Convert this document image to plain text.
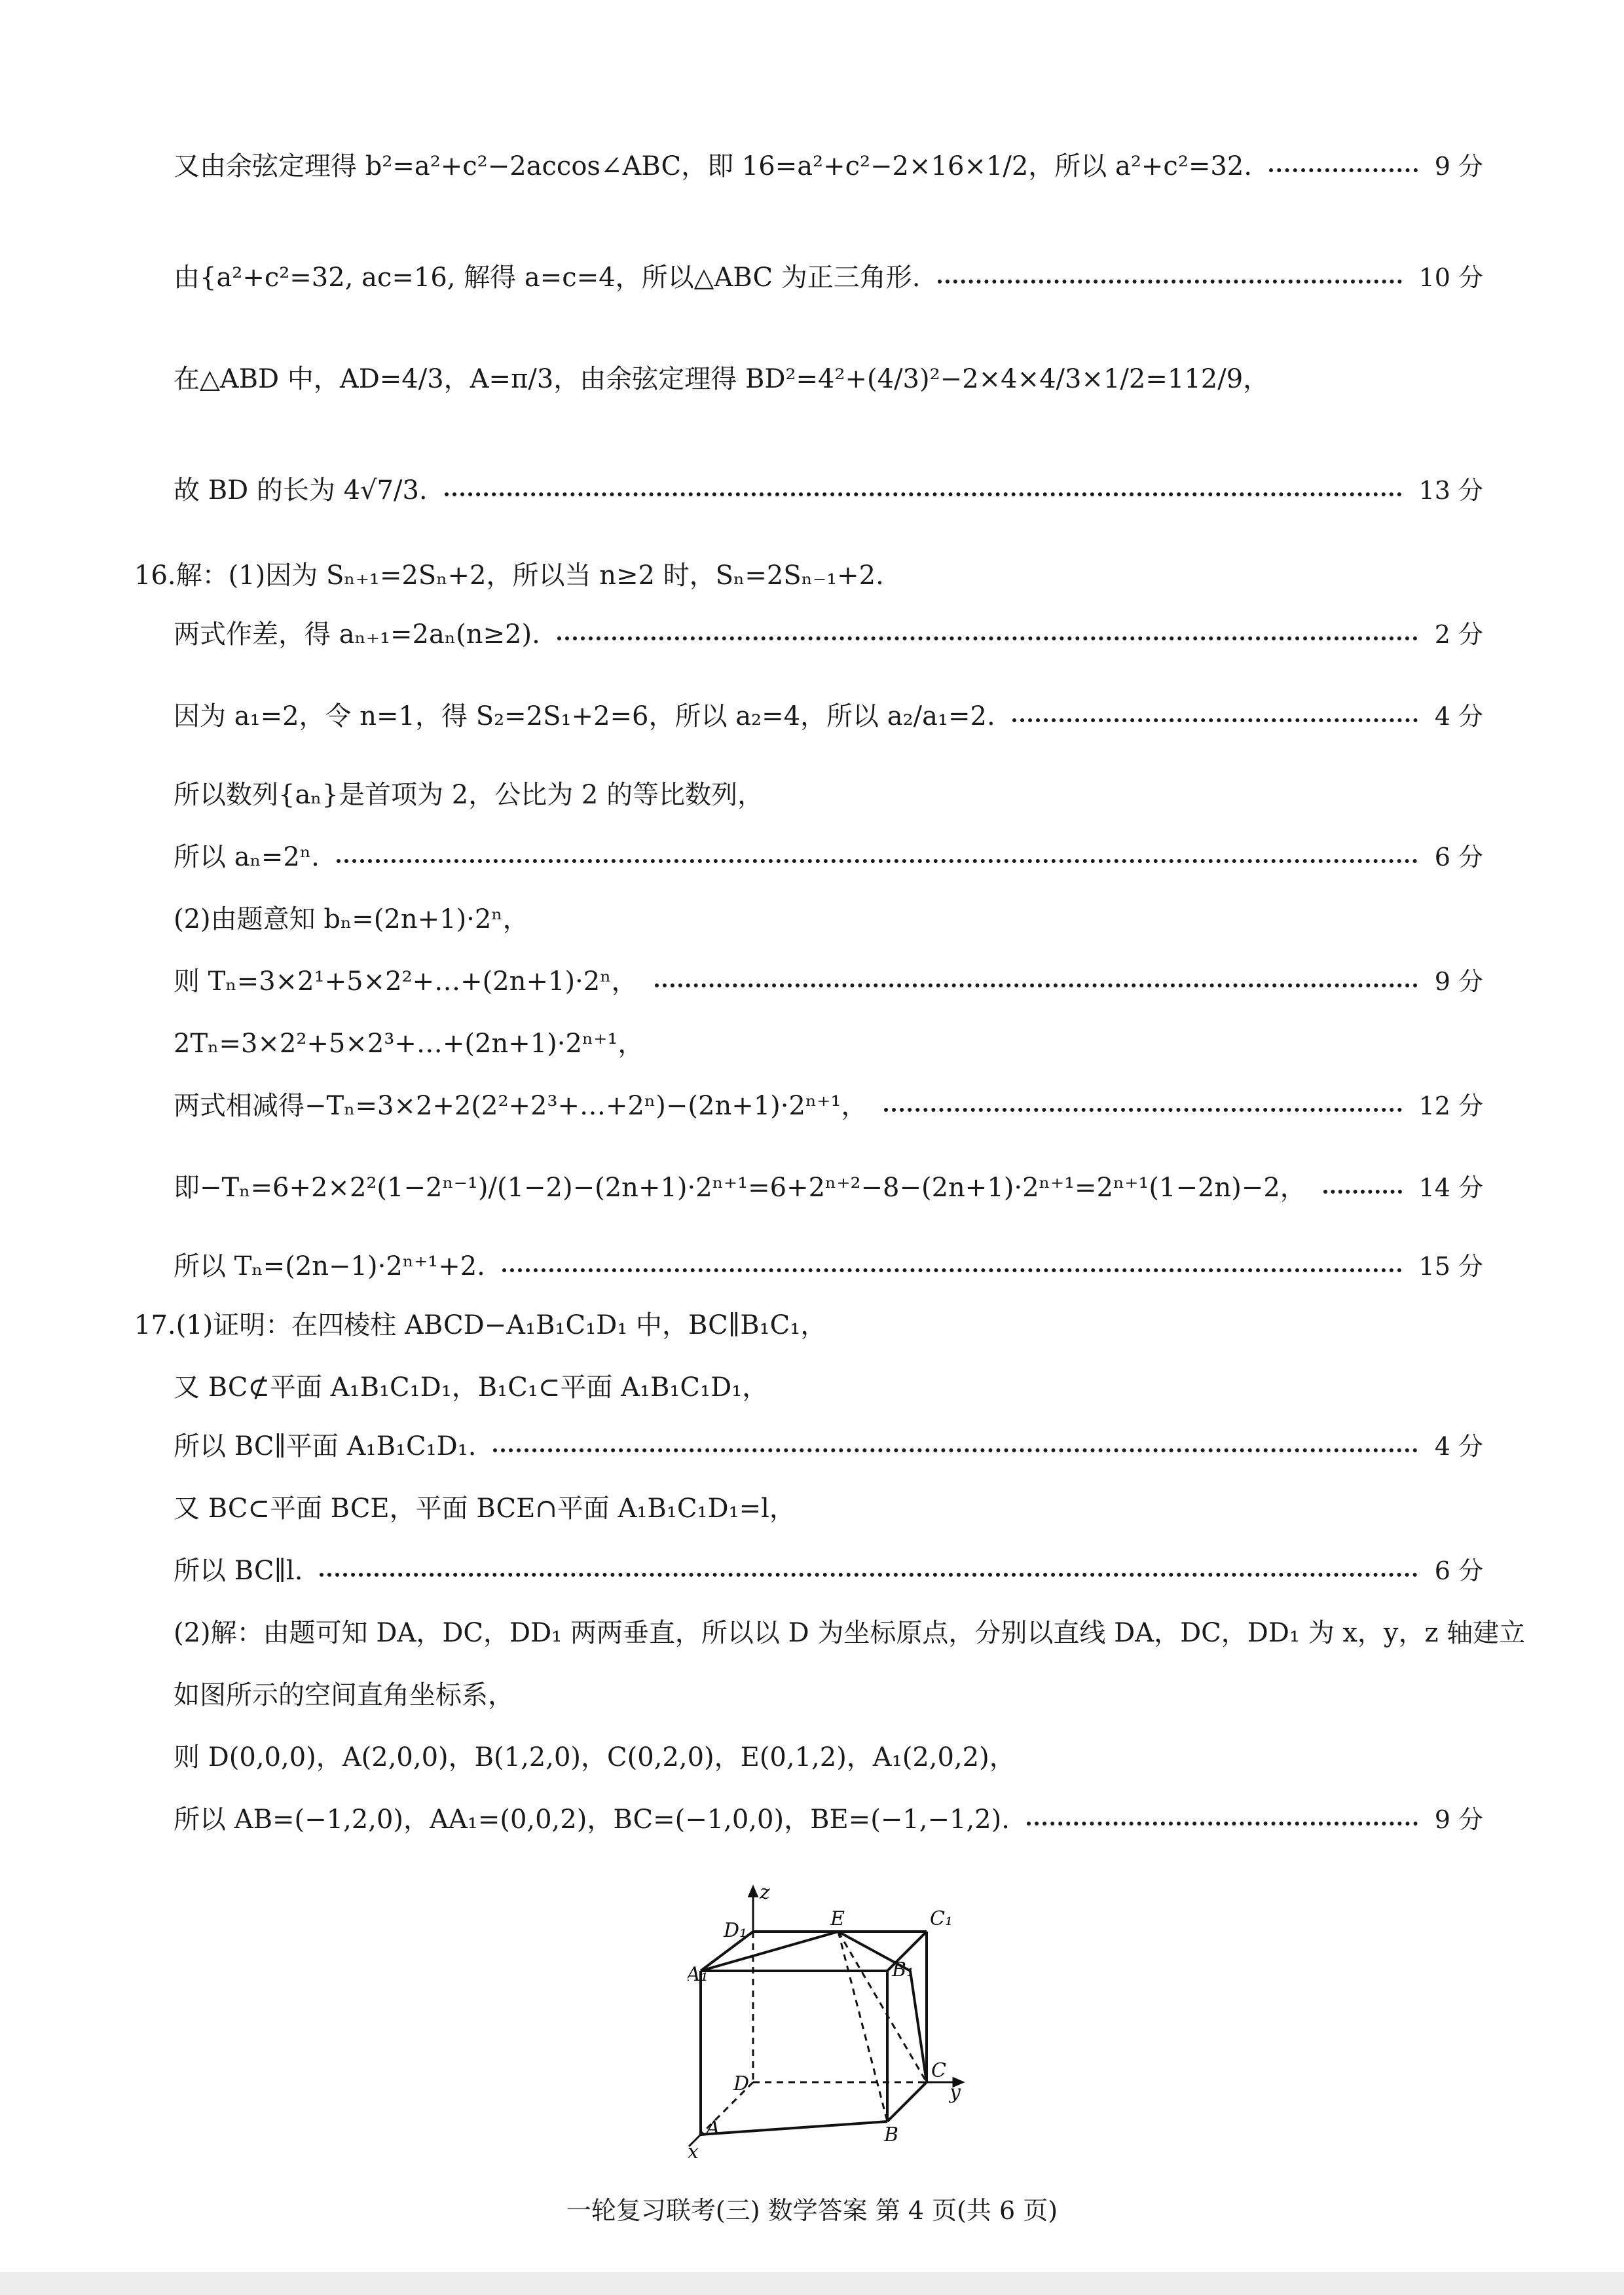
又由余弦定理得 b²=a²+c²−2accos∠ABC，即 16=a²+c²−2×16×1/2，所以 a²+c²=32.	9 分
由{a²+c²=32, ac=16, 解得 a=c=4，所以△ABC 为正三角形.	10 分
在△ABD 中，AD=4/3，A=π/3，由余弦定理得 BD²=4²+(4/3)²−2×4×4/3×1/2=112/9，
故 BD 的长为 4√7/3.	13 分
16.解：(1)因为 Sₙ₊₁=2Sₙ+2，所以当 n≥2 时，Sₙ=2Sₙ₋₁+2.
两式作差，得 aₙ₊₁=2aₙ(n≥2).	2 分
因为 a₁=2，令 n=1，得 S₂=2S₁+2=6，所以 a₂=4，所以 a₂/a₁=2.	4 分
所以数列{aₙ}是首项为 2，公比为 2 的等比数列，
所以 aₙ=2ⁿ.	6 分
(2)由题意知 bₙ=(2n+1)·2ⁿ，
则 Tₙ=3×2¹+5×2²+…+(2n+1)·2ⁿ，	9 分
2Tₙ=3×2²+5×2³+…+(2n+1)·2ⁿ⁺¹，
两式相减得−Tₙ=3×2+2(2²+2³+…+2ⁿ)−(2n+1)·2ⁿ⁺¹，	12 分
即−Tₙ=6+2×2²(1−2ⁿ⁻¹)/(1−2)−(2n+1)·2ⁿ⁺¹=6+2ⁿ⁺²−8−(2n+1)·2ⁿ⁺¹=2ⁿ⁺¹(1−2n)−2，	14 分
所以 Tₙ=(2n−1)·2ⁿ⁺¹+2.	15 分
17.(1)证明：在四棱柱 ABCD−A₁B₁C₁D₁ 中，BC∥B₁C₁，
又 BC⊄平面 A₁B₁C₁D₁，B₁C₁⊂平面 A₁B₁C₁D₁，
所以 BC∥平面 A₁B₁C₁D₁.	4 分
又 BC⊂平面 BCE，平面 BCE∩平面 A₁B₁C₁D₁=l，
所以 BC∥l.	6 分
(2)解：由题可知 DA，DC，DD₁ 两两垂直，所以以 D 为坐标原点，分别以直线 DA，DC，DD₁ 为 x，y，z 轴建立
如图所示的空间直角坐标系，
则 D(0,0,0)，A(2,0,0)，B(1,2,0)，C(0,2,0)，E(0,1,2)，A₁(2,0,2)，
所以 AB=(−1,2,0)，AA₁=(0,0,2)，BC=(−1,0,0)，BE=(−1,−1,2).	9 分
D₁
z
E	C₁
A₁	B₁
D
C
y
A	B
x
一轮复习联考(三) 数学答案 第 4 页(共 6 页)
